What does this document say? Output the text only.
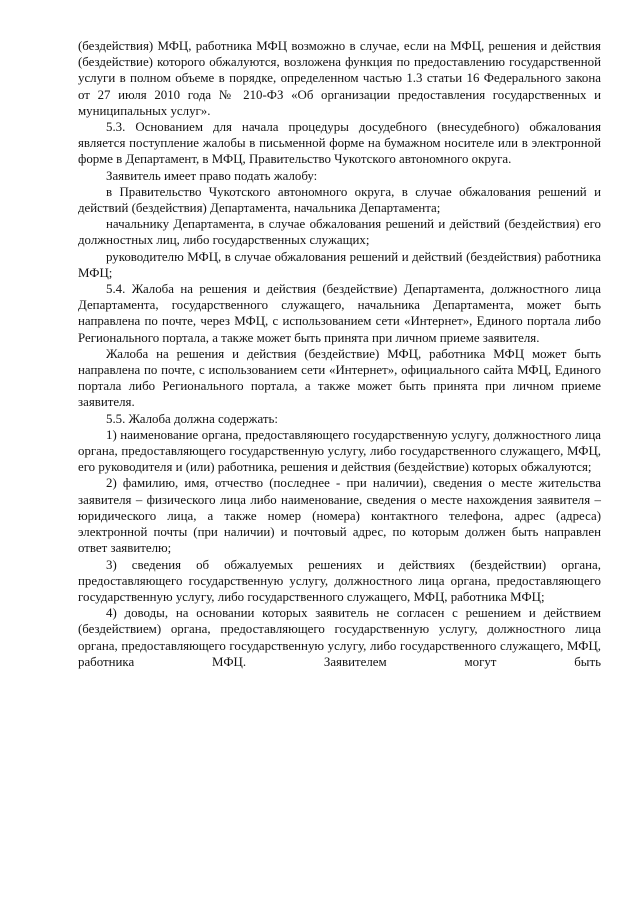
(бездействия) МФЦ, работника МФЦ возможно в случае, если на МФЦ, решения и действия (бездействие) которого обжалуются, возложена функция по предоставлению государственной услуги в полном объеме в порядке, определенном частью 1.3 статьи 16 Федерального закона от 27 июля 2010 года № 210-ФЗ «Об организации предоставления государственных и муниципальных услуг».

5.3. Основанием для начала процедуры досудебного (внесудебного) обжалования является поступление жалобы в письменной форме на бумажном носителе или в электронной форме в Департамент, в МФЦ, Правительство Чукотского автономного округа.

Заявитель имеет право подать жалобу:

в Правительство Чукотского автономного округа, в случае обжалования решений и действий (бездействия) Департамента, начальника Департамента;

начальнику Департамента, в случае обжалования решений и действий (бездействия) его должностных лиц, либо государственных служащих;

руководителю МФЦ, в случае обжалования решений и действий (бездействия) работника МФЦ;

5.4. Жалоба на решения и действия (бездействие) Департамента, должностного лица Департамента, государственного служащего, начальника Департамента, может быть направлена по почте, через МФЦ, с использованием сети «Интернет», Единого портала либо Регионального портала, а также может быть принята при личном приеме заявителя.

Жалоба на решения и действия (бездействие) МФЦ, работника МФЦ может быть направлена по почте, с использованием сети «Интернет», официального сайта МФЦ, Единого портала либо Регионального портала, а также может быть принята при личном приеме заявителя.

5.5. Жалоба должна содержать:

1) наименование органа, предоставляющего государственную услугу, должностного лица органа, предоставляющего государственную услугу, либо государственного служащего, МФЦ, его руководителя и (или) работника, решения и действия (бездействие) которых обжалуются;

2) фамилию, имя, отчество (последнее - при наличии), сведения о месте жительства заявителя – физического лица либо наименование, сведения о месте нахождения заявителя – юридического лица, а также номер (номера) контактного телефона, адрес (адреса) электронной почты (при наличии) и почтовый адрес, по которым должен быть направлен ответ заявителю;

3) сведения об обжалуемых решениях и действиях (бездействии) органа, предоставляющего государственную услугу, должностного лица органа, предоставляющего государственную услугу, либо государственного служащего, МФЦ, работника МФЦ;

4) доводы, на основании которых заявитель не согласен с решением и действием (бездействием) органа, предоставляющего государственную услугу, должностного лица органа, предоставляющего государственную услугу, либо государственного служащего, МФЦ, работника МФЦ. Заявителем могут быть
